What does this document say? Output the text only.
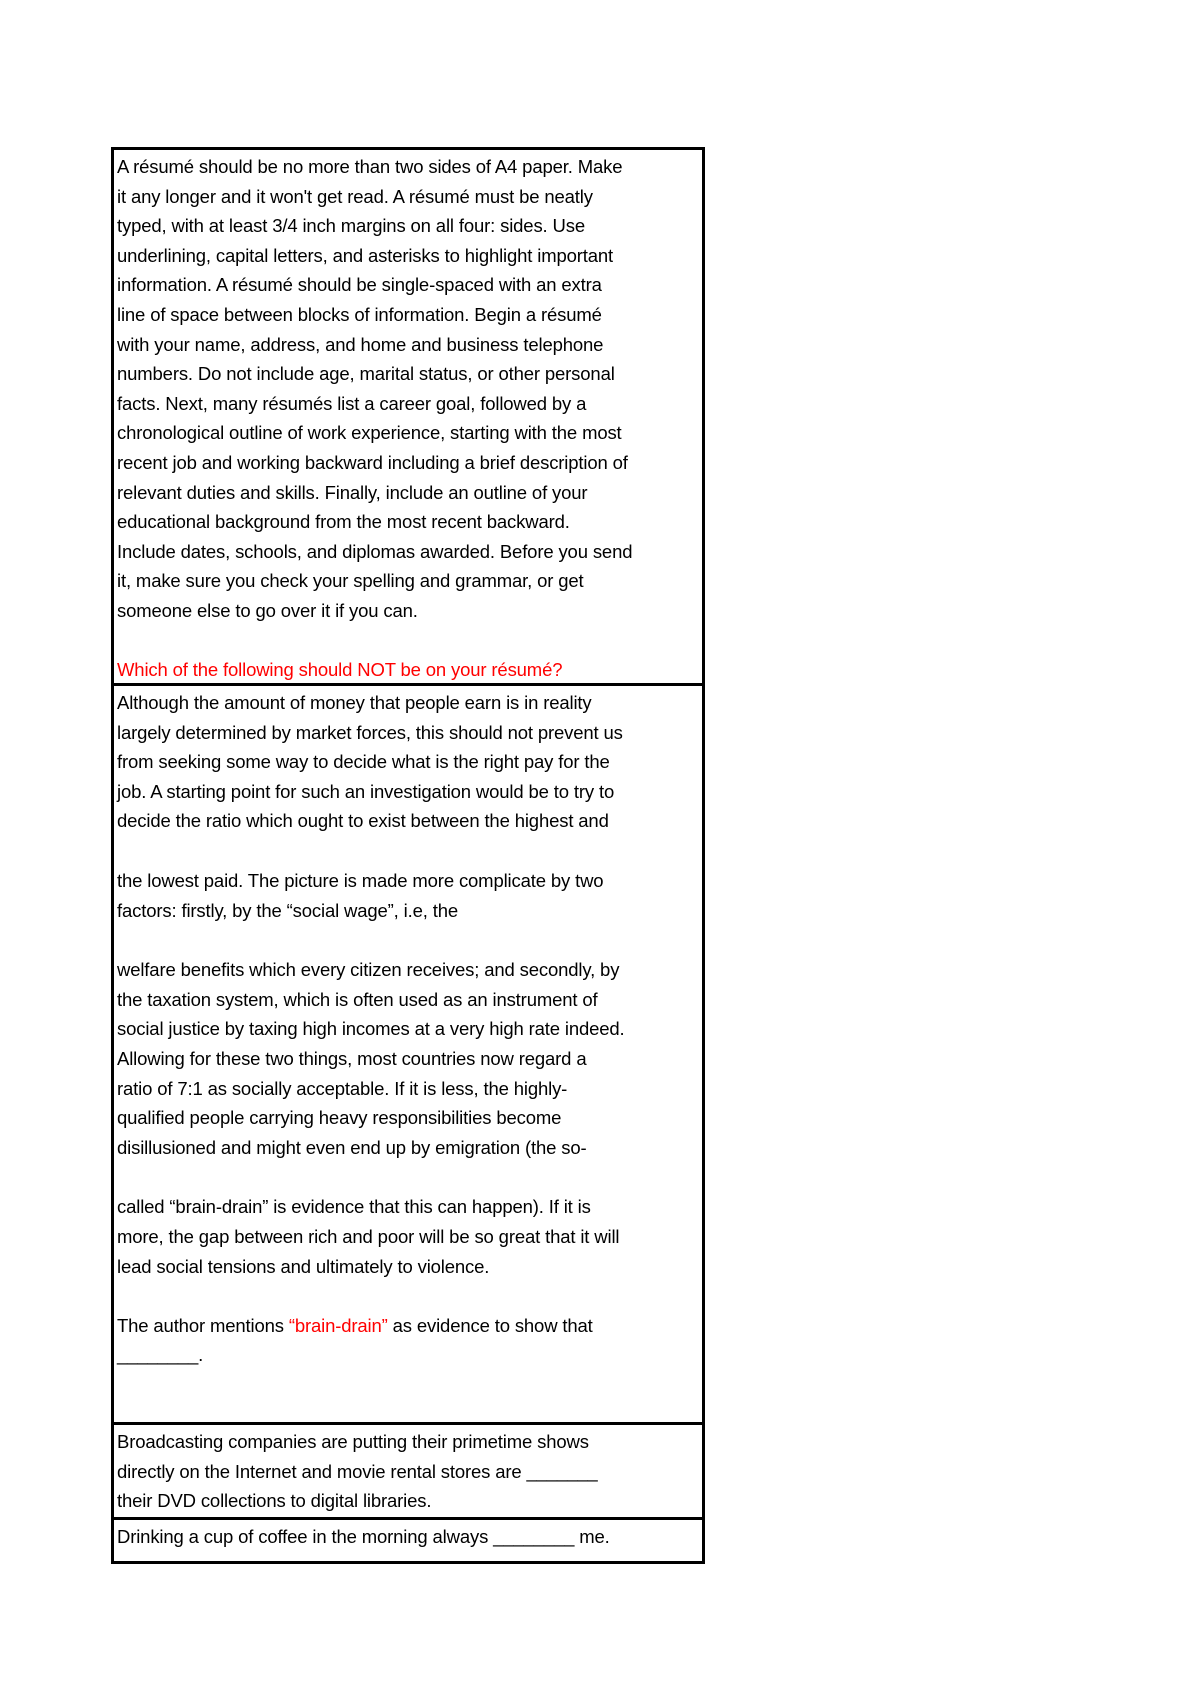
A résumé should be no more than two sides of A4 paper. Make
it any longer and it won't get read. A résumé must be neatly
typed, with at least 3/4 inch margins on all four: sides. Use
underlining, capital letters, and asterisks to highlight important
information. A résumé should be single-spaced with an extra
line of space between blocks of information. Begin a résumé
with your name, address, and home and business telephone
numbers. Do not include age, marital status, or other personal
facts. Next, many résumés list a career goal, followed by a
chronological outline of work experience, starting with the most
recent job and working backward including a brief description of
relevant duties and skills. Finally, include an outline of your
educational background from the most recent backward.
Include dates, schools, and diplomas awarded. Before you send
it, make sure you check your spelling and grammar, or get
someone else to go over it if you can.
Which of the following should NOT be on your résumé?
Although the amount of money that people earn is in reality
largely determined by market forces, this should not prevent us
from seeking some way to decide what is the right pay for the
job. A starting point for such an investigation would be to try to
decide the ratio which ought to exist between the highest and
the lowest paid. The picture is made more complicate by two
factors: firstly, by the “social wage”, i.e, the
welfare benefits which every citizen receives; and secondly, by
the taxation system, which is often used as an instrument of
social justice by taxing high incomes at a very high rate indeed.
Allowing for these two things, most countries now regard a
ratio of 7:1 as socially acceptable. If it is less, the highly-
qualified people carrying heavy responsibilities become
disillusioned and might even end up by emigration (the so-
called “brain-drain” is evidence that this can happen). If it is
more, the gap between rich and poor will be so great that it will
lead social tensions and ultimately to violence.
The author mentions “brain-drain” as evidence to show that
________.
Broadcasting companies are putting their primetime shows
directly on the Internet and movie rental stores are _______
their DVD collections to digital libraries.
Drinking a cup of coffee in the morning always ________ me.
